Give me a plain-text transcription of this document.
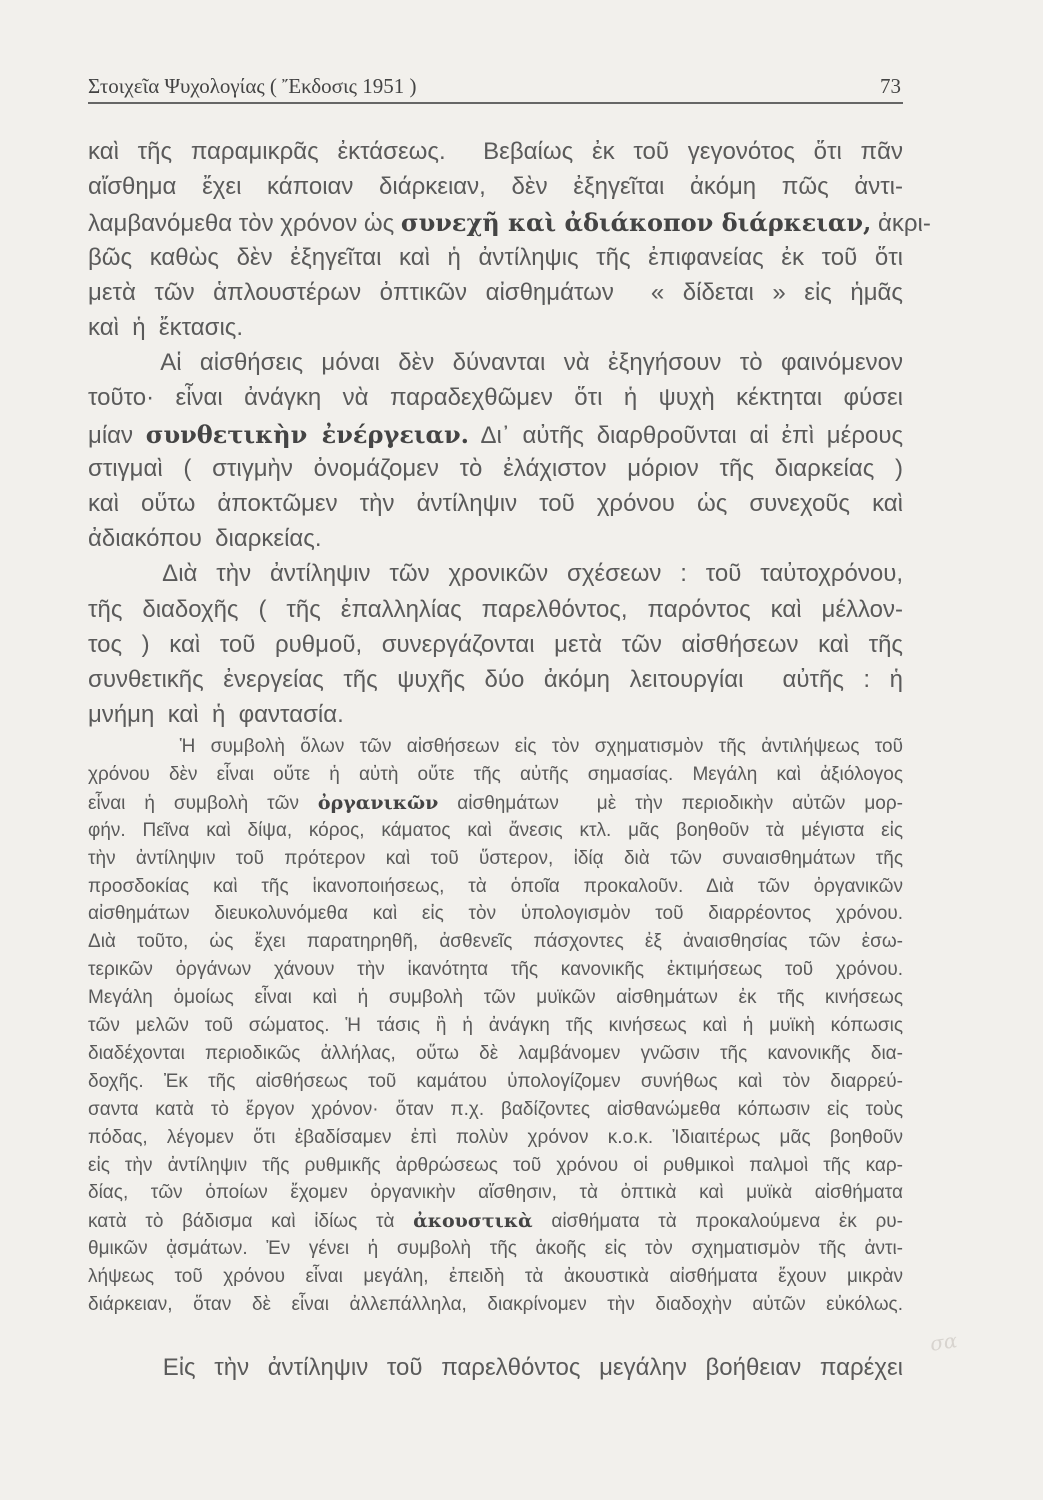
Στοιχεῖα Ψυχολογίας ( Ἔκδοσις 1951 )	73
καὶ τῆς παραμικρᾶς ἐκτάσεως.  Βεβαίως ἐκ τοῦ γεγονότος ὅτι πᾶν
αἴσθημα ἔχει κάποιαν διάρκειαν, δὲν ἐξηγεῖται ἀκόμη πῶς ἀντι-
λαμβανόμεθα τὸν χρόνον ὡς συνεχῆ καὶ ἀδιάκοπον διάρκειαν, ἀκρι-
βῶς καθὼς δὲν ἐξηγεῖται καὶ ἡ ἀντίληψις τῆς ἐπιφανείας ἐκ τοῦ ὅτι
μετὰ τῶν ἁπλουστέρων ὀπτικῶν αἰσθημάτων  « δίδεται » εἰς ἡμᾶς
καὶ  ἡ  ἔκτασις.
Αἱ αἰσθήσεις μόναι δὲν δύνανται νὰ ἐξηγήσουν τὸ φαινόμενον
τοῦτο· εἶναι ἀνάγκη νὰ παραδεχθῶμεν ὅτι ἡ ψυχὴ κέκτηται φύσει
μίαν συνθετικὴν ἐνέργειαν. Δι᾽ αὐτῆς διαρθροῦνται αἱ ἐπὶ μέρους
στιγμαὶ ( στιγμὴν ὀνομάζομεν τὸ ἐλάχιστον μόριον τῆς διαρκείας )
καὶ οὕτω ἀποκτῶμεν τὴν ἀντίληψιν τοῦ χρόνου ὡς συνεχοῦς καὶ
ἀδιακόπου  διαρκείας.
Διὰ τὴν ἀντίληψιν τῶν χρονικῶν σχέσεων : τοῦ ταὐτοχρόνου,
τῆς διαδοχῆς ( τῆς ἐπαλληλίας παρελθόντος, παρόντος καὶ μέλλον-
τος ) καὶ τοῦ ρυθμοῦ, συνεργάζονται μετὰ τῶν αἰσθήσεων καὶ τῆς
συνθετικῆς ἐνεργείας τῆς ψυχῆς δύο ἀκόμη λειτουργίαι  αὐτῆς : ἡ
μνήμη  καὶ  ἡ  φαντασία.
Ἡ συμβολὴ ὅλων τῶν αἰσθήσεων εἰς τὸν σχηματισμὸν τῆς ἀντιλήψεως τοῦ
χρόνου δὲν εἶναι οὔτε ἡ αὐτὴ οὔτε τῆς αὐτῆς σημασίας. Μεγάλη καὶ ἀξιόλογος
εἶναι ἡ συμβολὴ τῶν ὀργανικῶν αἰσθημάτων  μὲ τὴν περιοδικὴν αὐτῶν μορ-
φήν. Πεῖνα καὶ δίψα, κόρος, κάματος καὶ ἄνεσις κτλ. μᾶς βοηθοῦν τὰ μέγιστα εἰς
τὴν ἀντίληψιν τοῦ πρότερον καὶ τοῦ ὕστερον, ἰδίᾳ διὰ τῶν συναισθημάτων τῆς
προσδοκίας καὶ τῆς ἱκανοποιήσεως, τὰ ὁποῖα προκαλοῦν. Διὰ τῶν ὀργανικῶν
αἰσθημάτων διευκολυνόμεθα καὶ εἰς τὸν ὑπολογισμὸν τοῦ διαρρέοντος χρόνου.
Διὰ τοῦτο, ὡς ἔχει παρατηρηθῆ, ἀσθενεῖς πάσχοντες ἐξ ἀναισθησίας τῶν ἐσω-
τερικῶν ὀργάνων χάνουν τὴν ἱκανότητα τῆς κανονικῆς ἐκτιμήσεως τοῦ χρόνου.
Μεγάλη ὁμοίως εἶναι καὶ ἡ συμβολὴ τῶν μυϊκῶν αἰσθημάτων ἐκ τῆς κινήσεως
τῶν μελῶν τοῦ σώματος. Ἡ τάσις ἢ ἡ ἀνάγκη τῆς κινήσεως καὶ ἡ μυϊκὴ κόπωσις
διαδέχονται περιοδικῶς ἀλλήλας, οὕτω δὲ λαμβάνομεν γνῶσιν τῆς κανονικῆς δια-
δοχῆς. Ἐκ τῆς αἰσθήσεως τοῦ καμάτου ὑπολογίζομεν συνήθως καὶ τὸν διαρρεύ-
σαντα κατὰ τὸ ἔργον χρόνον· ὅταν π.χ. βαδίζοντες αἰσθανώμεθα κόπωσιν εἰς τοὺς
πόδας, λέγομεν ὅτι ἐβαδίσαμεν ἐπὶ πολὺν χρόνον κ.ο.κ. Ἰδιαιτέρως μᾶς βοηθοῦν
εἰς τὴν ἀντίληψιν τῆς ρυθμικῆς ἀρθρώσεως τοῦ χρόνου οἱ ρυθμικοὶ παλμοὶ τῆς καρ-
δίας, τῶν ὁποίων ἔχομεν ὀργανικὴν αἴσθησιν, τὰ ὀπτικὰ καὶ μυϊκὰ αἰσθήματα
κατὰ τὸ βάδισμα καὶ ἰδίως τὰ ἀκουστικὰ αἰσθήματα τὰ προκαλούμενα ἐκ ρυ-
θμικῶν ᾀσμάτων. Ἐν γένει ἡ συμβολὴ τῆς ἀκοῆς εἰς τὸν σχηματισμὸν τῆς ἀντι-
λήψεως τοῦ χρόνου εἶναι μεγάλη, ἐπειδὴ τὰ ἀκουστικὰ αἰσθήματα ἔχουν μικρὰν
διάρκειαν, ὅταν δὲ εἶναι ἀλλεπάλληλα, διακρίνομεν τὴν διαδοχὴν αὐτῶν εὐκόλως.
Εἰς τὴν ἀντίληψιν τοῦ παρελθόντος μεγάλην βοήθειαν παρέχει
σα
